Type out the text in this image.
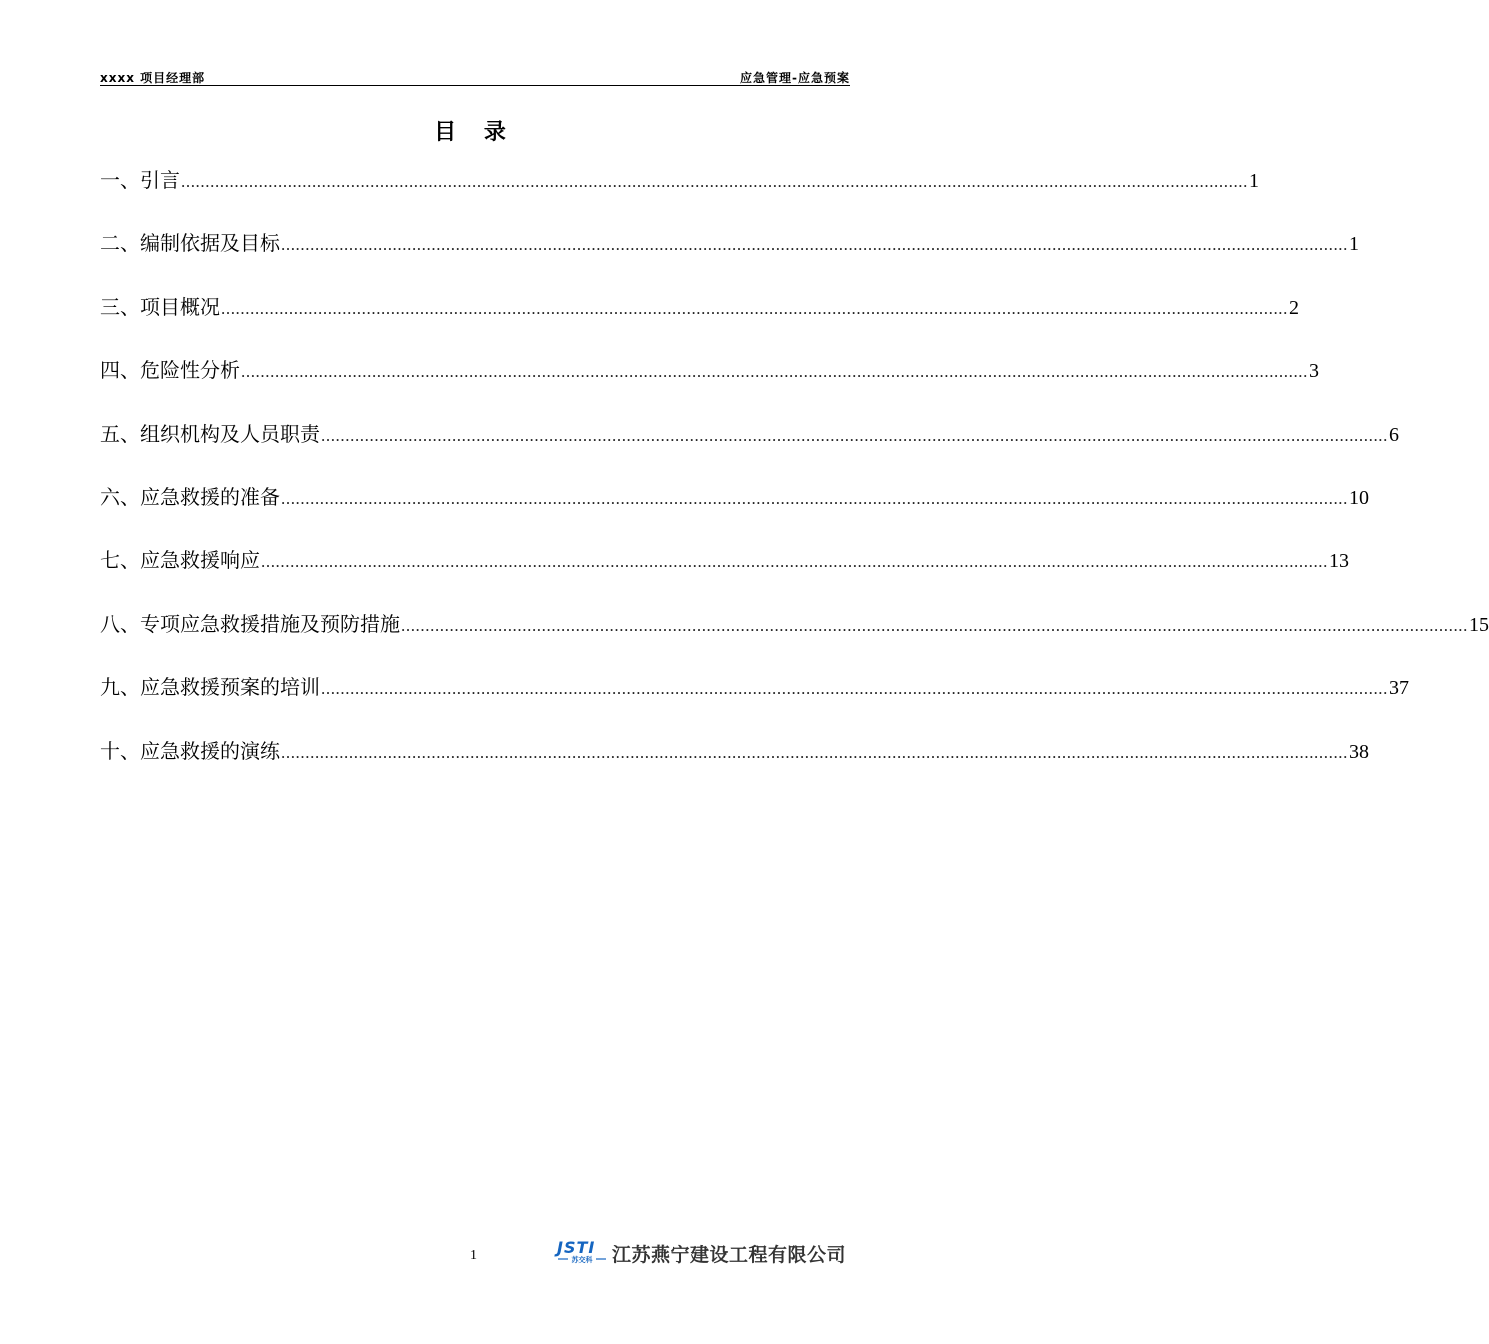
xxxx 项目经理部	应急管理-应急预案
目 录
一、引言 ............................................................................................................................................................................................................................ 1
二、编制依据及目标 ............................................................................................................................................................................................................................ 1
三、项目概况 ............................................................................................................................................................................................................................ 2
四、危险性分析 ............................................................................................................................................................................................................................ 3
五、组织机构及人员职责 ............................................................................................................................................................................................................................ 6
六、应急救援的准备 ............................................................................................................................................................................................................................ 10
七、应急救援响应 ............................................................................................................................................................................................................................ 13
八、专项应急救援措施及预防措施 ............................................................................................................................................................................................................................ 15
九、应急救援预案的培训 ............................................................................................................................................................................................................................ 37
十、应急救援的演练 ............................................................................................................................................................................................................................ 38
1	JSTI
苏交科 江苏燕宁建设工程有限公司
